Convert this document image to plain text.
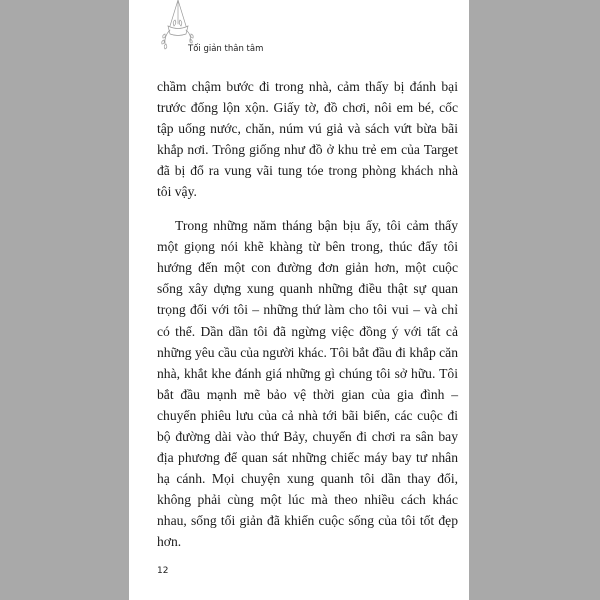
Tối giản thân tâm

chầm chậm bước đi trong nhà, cảm thấy bị đánh bại trước đống lộn xộn. Giấy tờ, đồ chơi, nôi em bé, cốc tập uống nước, chăn, núm vú giả và sách vứt bừa bãi khắp nơi. Trông giống như đồ ở khu trẻ em của Target đã bị đổ ra vung vãi tung tóe trong phòng khách nhà tôi vậy.

Trong những năm tháng bận bịu ấy, tôi cảm thấy một giọng nói khẽ khàng từ bên trong, thúc đẩy tôi hướng đến một con đường đơn giản hơn, một cuộc sống xây dựng xung quanh những điều thật sự quan trọng đối với tôi – những thứ làm cho tôi vui – và chỉ có thế. Dần dần tôi đã ngừng việc đồng ý với tất cả những yêu cầu của người khác. Tôi bắt đầu đi khắp căn nhà, khắt khe đánh giá những gì chúng tôi sở hữu. Tôi bắt đầu mạnh mẽ bảo vệ thời gian của gia đình – chuyến phiêu lưu của cả nhà tới bãi biển, các cuộc đi bộ đường dài vào thứ Bảy, chuyến đi chơi ra sân bay địa phương để quan sát những chiếc máy bay tư nhân hạ cánh. Mọi chuyện xung quanh tôi dần thay đổi, không phải cùng một lúc mà theo nhiều cách khác nhau, sống tối giản đã khiến cuộc sống của tôi tốt đẹp hơn.

12
